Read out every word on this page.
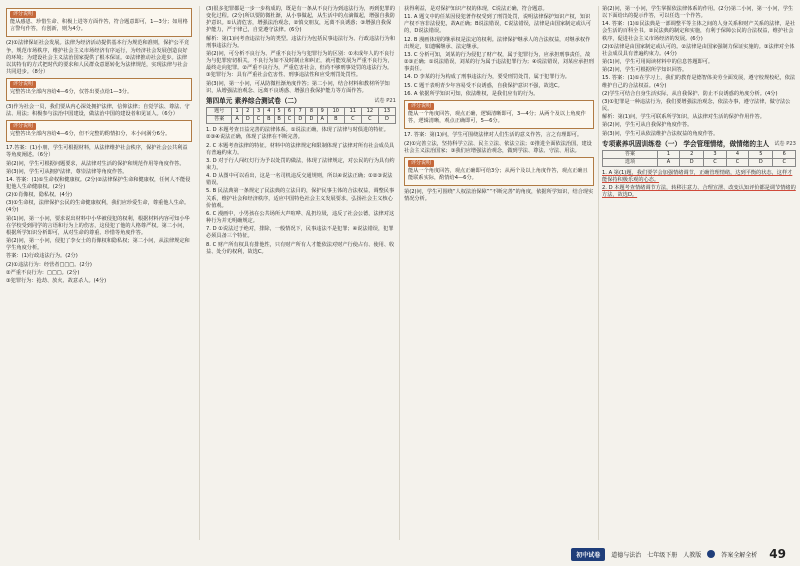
评分说明

能从感恩、珍惜生命、积极上进等方面作答，符合题意即可，1—3分；如用格言警句作答，有创新，则为4分。

(2)①法律保证社会发展。法律为经济活动提供基本行为规范和准则，保护公平竞争，规范市场秩序，维护社会主义市场经济有序运行，为经济社会发展创造良好的环境；为建设社会主义法治国家提供了根本保证。②法律推动社会进步。法律以其特有的方式把时代的要求和人民群众意愿转化为法律规范，实现法律与社会共同进步。（8分）

评分说明

完整答出全部内容给4—6分，仅答出要点给1—3分。

(3)作为社会一员，我们要从内心深处拥护法律，信仰法律；自觉学法、尊法、守法、用法；积极参与法治中国建设，做法治中国的建设者和见证人。（6分）

评分说明

完整答出全部内容给4—6分，但不完整的酌情扣分，本小问满分6分。

17.答案：(1)小朋，学生可根据材料，从法律维护社会秩序，保护社会公共利益等角度阐述。（6分）

第(2)问，学生可根据问题要求，从法律对生活的保护和规范作用等角度作答。

第(3)问，学生可从拥护法律，尊崇法律等角度作答。

14. 答案：(1)①生命权和健康权。(2分)②法律保护生命和健康权，任何人不能侵犯他人生命健康权。(2分)

(2)①肖像权、隐私权。(4分)

(3)①生命权，法律保护公民的生命健康权利，我们应珍爱生命，尊重他人生命。(4分)

第(1)问，第一小问，要求说出材料中小华被侵犯的权利，根据材料内容可知小华在学校受到同学的言语和行为上的伤害，这侵犯了他的人格尊严权。第二小问，根据所学知识分析即可，从对生命的尊重、珍惜等角度作答。

第(2)问，第一小问，侵犯了李女士的肖像权和隐私权；第二小问，从法律规定和学生角度分析。

答案：(1)行政违法行为。(2分)

(2)①违法行为：经营者□□□。(2分)

②严重不良行为：□□□。(2分)

③犯罪行为：抢劫、放火、故意杀人。(4分)

(3)很多犯罪都是一步一步构成的，既是有一条从不良行为到违法行为，再到犯罪的变化过程。(2分)所以要防微杜渐，从小事做起，从生活中的点滴做起，增强自我防护意识。①认清危害，增强法治观念，②慎交朋友，远离不良诱惑；③增强自我保护能力，严于律己，自觉遵守法律。(6分)

解析：第(1)问考查违法行为的类型。违法行为包括民事违法行为、行政违法行为和刑事违法行为。

第(2)问，可分析不良行为、严重不良行为与犯罪行为的区别：①未成年人的不良行为与犯罪密切相关。不良行为如不及时制止和纠正，就可能发展为严重不良行为，最终走向犯罪。②严重不良行为，严重危害社会，但尚不够刑事处罚的违法行为。③犯罪行为：具有严重社会危害性、刑事违法性和应受刑罚处罚性。

第(3)问，第一小问，可从防微杜渐角度作答；第二小问，结合材料和教材所学知识，从增强法治观念、远离不良诱惑、增强自我保护能力等方面作答。

第四单元 素养综合测试卷（二）	试卷 P21
题号	1	2	3	4	5	6	7	8	9	10	11	12	13
答案	A	D	C	B	B	C	D	D	A	B	C	C	D

1. D 本题考查日益完善的法律体系。①说法正确，体现了法律与时俱进的特征。②③④说法正确，体现了法律在不断完善。

2. C 本题考查法律的特征。材料中的法律规定和限制体现了法律对所有社会成员具有普遍约束力。

3. D 对于行人闯红灯行为予以处罚的做法，体现了法律规定，对公民的行为具有约束力。

4. D 从图中可以看出，这是一名司机违反交通规则，所以④说法正确；①②③说法错误。

5. B 民法典第一条规定了民法典的立法目的，保护民事主体的合法权益，调整民事关系，维护社会和经济秩序，适应中国特色社会主义发展要求，弘扬社会主义核心价值观。

6. C 漫画中，小男孩在公共场所大声喧哗、乱扔垃圾，违反了社会公德，法律对这种行为并无明确规定。

7. D ①说法过于绝对，排除，一般情况下，民事违法不是犯罪；④说法错误，犯罪必须具备三个特征。

8. C 财产所有权具有排他性，只有财产所有人才能依法对财产行使占有、使用、收益、处分的权利，故选C。

获得利益，是对保护知识产权的体现，C说法正确，符合题意。

11. A 题文中的任某因侵犯著作权受到了刑罚处罚，说明法律保护知识产权，知识产权不容非法侵犯，故A正确；B说法错误，C说法错误，法律是由国家制定或认可的，D说法错误。

12. B 漫画体现的继承权是法定的权利。法律保护继承人的合法权益，对继承权作出规定，如遗嘱继承、法定继承。

13. C 分析可知，刘某的行为侵犯了财产权，属于犯罪行为，应承担刑事责任，故②③正确；①说法错误，刘某的行为属于违法犯罪行为；④说法错误，刘某应承担刑事责任。

14. D 李某的行为构成了刑事违法行为，要受刑罚处罚，属于犯罪行为。

15. C 题干表明青少年容易受不良诱惑，自我保护意识不强，故选C。

16. A 依据所学知识可知，依法维权，是我们应有的行为。

评分说明

能从一个角度回答，观点正确，逻辑清晰即可，3—4分；从两个及以上角度作答，逻辑清晰，观点正确即可，5—6分。

17. 答案：第(1)问，学生可围绕法律对人们生活的意义作答，言之有理即可。

(2)①完善立法，坚持科学立法、民主立法、依法立法；②推进全面依法治国，建设社会主义法治国家；③我们应增强法治观念，做到学法、尊法、守法、用法。

评分说明

能从一个角度回答，观点正确即可给3分；从两个及以上角度作答，观点正确且能联系实际，酌情给4—6分。

第(2)问，学生可围绕“人权法治保障”“不断完善”的角度，依据所学知识，结合现实情况分析。

第(2)问，第一小问，学生掌握依法律体系的作用。(2分)第二小问，第一小问，学生以下面给出的提示作答，可以任选一个作答。

14. 答案：(1)①民法典是一部调整平等主体之间的人身关系和财产关系的法律，是社会生活的百科全书。②民法典的制定和实施，有利于保障公民的合法权益，维护社会秩序，促进社会主义市场经济的发展。(6分)

(2)①法律是由国家制定或认可的。②法律是由国家强制力保证实施的。③法律对全体社会成员具有普遍约束力。(4分)

第(1)问，学生可用阅读材料中的信息答题即可。

第(2)问，学生可根据所学知识回答。

15. 答案：(1)①在学习上，我们的教育是德智体美劳全面发展，遵守校规校纪，依法维护自己的合法权益。(4分)

(2)学生可结合自身生活实际，从自我保护、防止不良诱惑的角度分析。(4分)

(3)①犯罪是一种违法行为，我们要增强法治观念，依法办事，遵守法律，做守法公民。

解析：第(1)问，学生可联系所学知识，从法律对生活的保护作用作答。

第(2)问，学生可从自我保护角度作答。

第(3)问，学生可从依法维护合法权益的角度作答。

专项素养巩固训练卷（一） 学会管理情绪，做情绪的主人 试卷 P23
答案	1	2	3	4	5	6
选项	A	D	C	C	D	C

1. A 第(1)题，我们要学会加强情绪调节，正确管理情绪，达到平衡的状态，这样才能保持积极乐观的心态。

2. D 本题考查情绪调节方法，转移注意力、合理宣泄、改变认知评价都是调节情绪的方法，故选D。

初中试卷	道德与法治 七年级下册 人教版	答案全解全析 49
